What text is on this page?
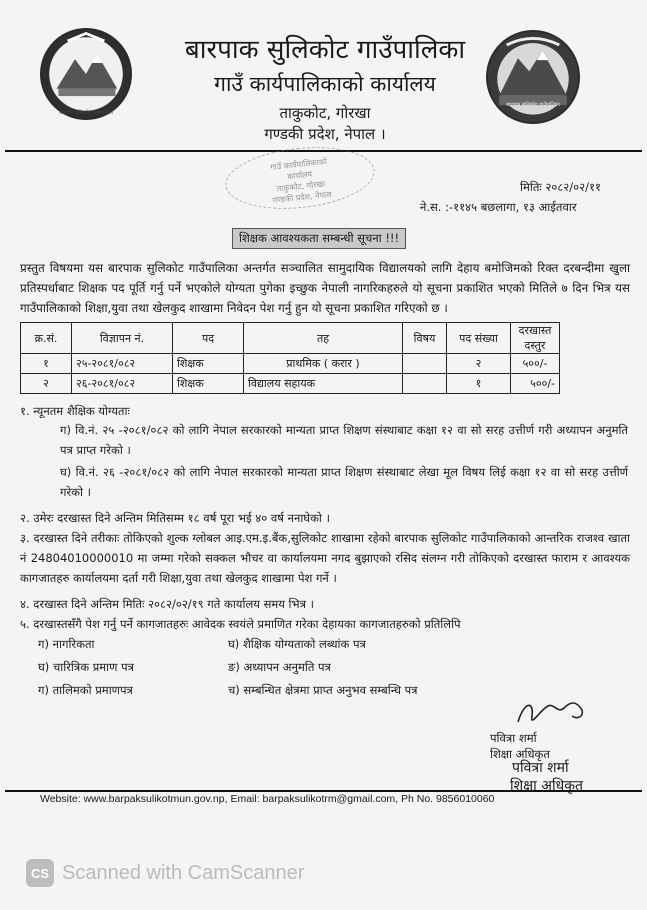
बारपाक सुलिकोट गाउँपालिका
बारपाक सुलिकोट गाउँपालिका
बारपाक सुलिकोट गाउँपालिका
गाउँ कार्यपालिकाको कार्यालय
ताकुकोट, गोरखा
गण्डकी प्रदेश, नेपाल ।
गाउँ कार्यपालिकाको
कार्यालय
ताकुकोट, गोरखा
गण्डकी प्रदेश, नेपाल
मितिः २०८२/०२/११
ने.स. :-११४५ बछलागा, १३ आईतवार
शिक्षक आवश्यकता सम्बन्धी सूचना !!!
प्रस्तुत विषयमा यस बारपाक सुलिकोट गाउँपालिका अन्तर्गत सञ्चालित सामुदायिक विद्यालयको लागि देहाय बमोजिमको रिक्त दरबन्दीमा खुला प्रतिस्पर्धाबाट शिक्षक पद पूर्ति गर्नु पर्ने भएकोले योग्यता पुगेका इच्छुक नेपाली नागरिकहरुले यो सूचना प्रकाशित भएको मितिले ७ दिन भित्र यस गाउँपालिकाको शिक्षा,युवा तथा खेलकुद शाखामा निवेदन पेश गर्नु हुन यो सूचना प्रकाशित गरिएको छ ।
क्र.सं.	विज्ञापन नं.	पद	तह	विषय	पद संख्या	दरखास्त दस्तुर
१	२५-२०८१/०८२	शिक्षक	प्राथमिक ( करार )		२	५००/-
२	२६-२०८१/०८२	शिक्षक	विद्यालय सहायक		१	५००/-
१. न्यूनतम शैक्षिक योग्यताः
ग) वि.नं. २५ -२०८१/०८२ को लागि नेपाल सरकारको मान्यता प्राप्त शिक्षण संस्थाबाट कक्षा १२ वा सो सरह उत्तीर्ण गरी अध्यापन अनुमति पत्र प्राप्त गरेको ।
घ) वि.नं. २६ -२०८१/०८२ को लागि नेपाल सरकारको मान्यता प्राप्त शिक्षण संस्थाबाट लेखा मूल विषय लिई कक्षा १२ वा सो सरह उत्तीर्ण गरेको ।
२. उमेरः दरखास्त दिने अन्तिम मितिसम्म १८ वर्ष पूरा भई ४० वर्ष ननाघेको ।
३. दरखास्त दिने तरीकाः तोकिएको शुल्क ग्लोबल आइ.एम.इ.बैंक,सुलिकोट शाखामा रहेको बारपाक सुलिकोट गाउँपालिकाको आन्तरिक राजश्व खाता नं 24804010000010 मा जम्मा गरेको सक्कल भौचर वा कार्यालयमा नगद बुझाएको रसिद संलग्न गरी तोकिएको दरखास्त फाराम र आवश्यक कागजातहरु कार्यालयमा दर्ता गरी शिक्षा,युवा तथा खेलकुद शाखामा पेश गर्ने ।
४. दरखास्त दिने अन्तिम मितिः २०८२/०२/१९ गते कार्यालय समय भित्र ।
५. दरखास्तसँगै पेश गर्नु पर्ने कागजातहरुः आवेदक स्वयंले प्रमाणित गरेका देहायका कागजातहरुको प्रतिलिपि
ग) नागरिकता	घ) शैक्षिक योग्यताको लब्धांक पत्र
घ) चारित्रिक प्रमाण पत्र	ङ) अध्यापन अनुमति पत्र
ग) तालिमको प्रमाणपत्र	च) सम्बन्धित क्षेत्रमा प्राप्त अनुभव सम्बन्धि पत्र
पवित्रा शर्मा
शिक्षा अधिकृत
पवित्रा शर्मा
शिक्षा अधिकृत
Website: www.barpaksulikotmun.gov.np, Email: barpaksulikotrm@gmail.com, Ph No. 9856010060
CS Scanned with CamScanner
